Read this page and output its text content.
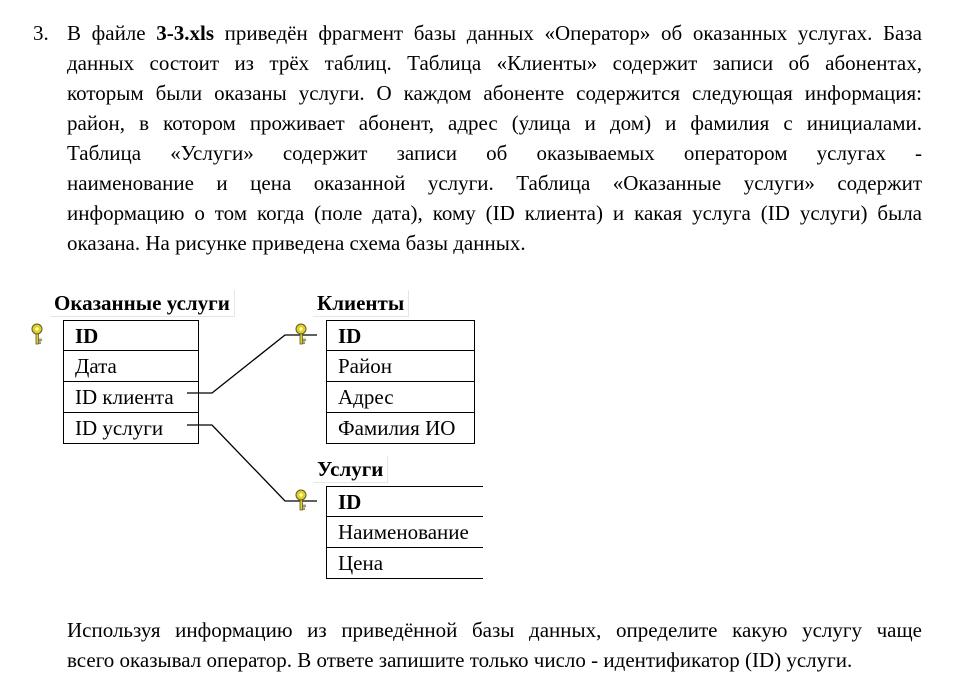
3. В файле 3-3.xls приведён фрагмент базы данных «Оператор» об оказанных услугах. База
данных состоит из трёх таблиц. Таблица «Клиенты» содержит записи об абонентах,
которым были оказаны услуги. О каждом абоненте содержится следующая информация:
район, в котором проживает абонент, адрес (улица и дом) и фамилия с инициалами.
Таблица «Услуги» содержит записи об оказываемых оператором услугах -
наименование и цена оказанной услуги. Таблица «Оказанные услуги» содержит
информацию о том когда (поле дата), кому (ID клиента) и какая услуга (ID услуги) была
оказана. На рисунке приведена схема базы данных.
Оказанные услуги
ID
Дата
ID клиента
ID услуги
Клиенты
ID
Район
Адрес
Фамилия ИО
Услуги
ID
Наименование
Цена
Используя информацию из приведённой базы данных, определите какую услугу чаще
всего оказывал оператор. В ответе запишите только число - идентификатор (ID) услуги.
